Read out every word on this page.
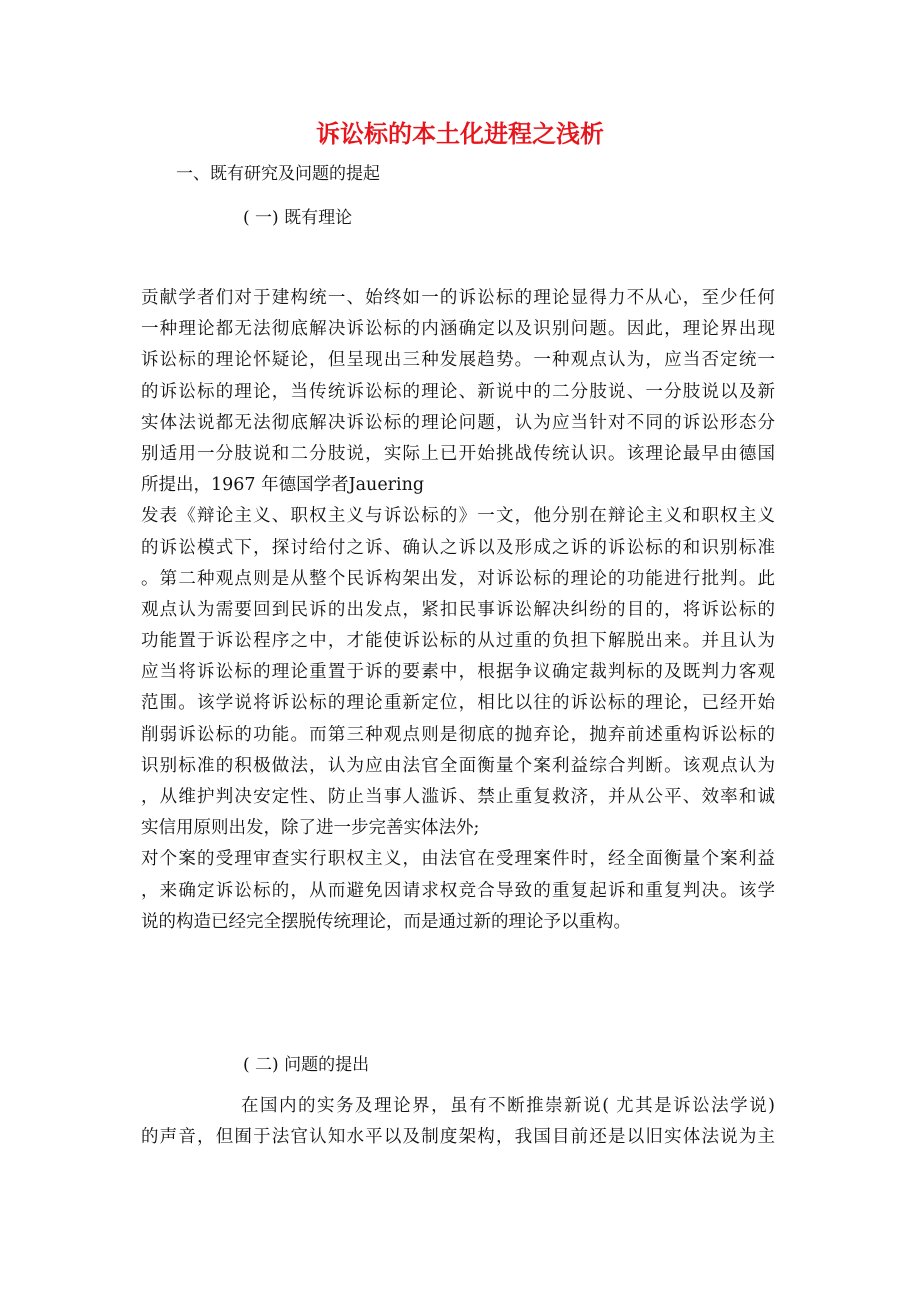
诉讼标的本土化进程之浅析
一、既有研究及问题的提起
( 一) 既有理论
贡献学者们对于建构统一、始终如一的诉讼标的理论显得力不从心，至少任何
一种理论都无法彻底解决诉讼标的内涵确定以及识别问题。因此，理论界出现
诉讼标的理论怀疑论，但呈现出三种发展趋势。一种观点认为，应当否定统一
的诉讼标的理论，当传统诉讼标的理论、新说中的二分肢说、一分肢说以及新
实体法说都无法彻底解决诉讼标的理论问题，认为应当针对不同的诉讼形态分
别适用一分肢说和二分肢说，实际上已开始挑战传统认识。该理论最早由德国
所提出，1967 年德国学者Jauering
发表《辩论主义、职权主义与诉讼标的》一文，他分别在辩论主义和职权主义
的诉讼模式下，探讨给付之诉、确认之诉以及形成之诉的诉讼标的和识别标准
。第二种观点则是从整个民诉构架出发，对诉讼标的理论的功能进行批判。此
观点认为需要回到民诉的出发点，紧扣民事诉讼解决纠纷的目的，将诉讼标的
功能置于诉讼程序之中，才能使诉讼标的从过重的负担下解脱出来。并且认为
应当将诉讼标的理论重置于诉的要素中，根据争议确定裁判标的及既判力客观
范围。该学说将诉讼标的理论重新定位，相比以往的诉讼标的理论，已经开始
削弱诉讼标的功能。而第三种观点则是彻底的抛弃论，抛弃前述重构诉讼标的
识别标准的积极做法，认为应由法官全面衡量个案利益综合判断。该观点认为
，从维护判决安定性、防止当事人滥诉、禁止重复救济，并从公平、效率和诚
实信用原则出发，除了进一步完善实体法外;
对个案的受理审查实行职权主义，由法官在受理案件时，经全面衡量个案利益
，来确定诉讼标的，从而避免因请求权竞合导致的重复起诉和重复判决。该学
说的构造已经完全摆脱传统理论，而是通过新的理论予以重构。
( 二) 问题的提出
在国内的实务及理论界，虽有不断推崇新说( 尤其是诉讼法学说)
的声音，但囿于法官认知水平以及制度架构，我国目前还是以旧实体法说为主
